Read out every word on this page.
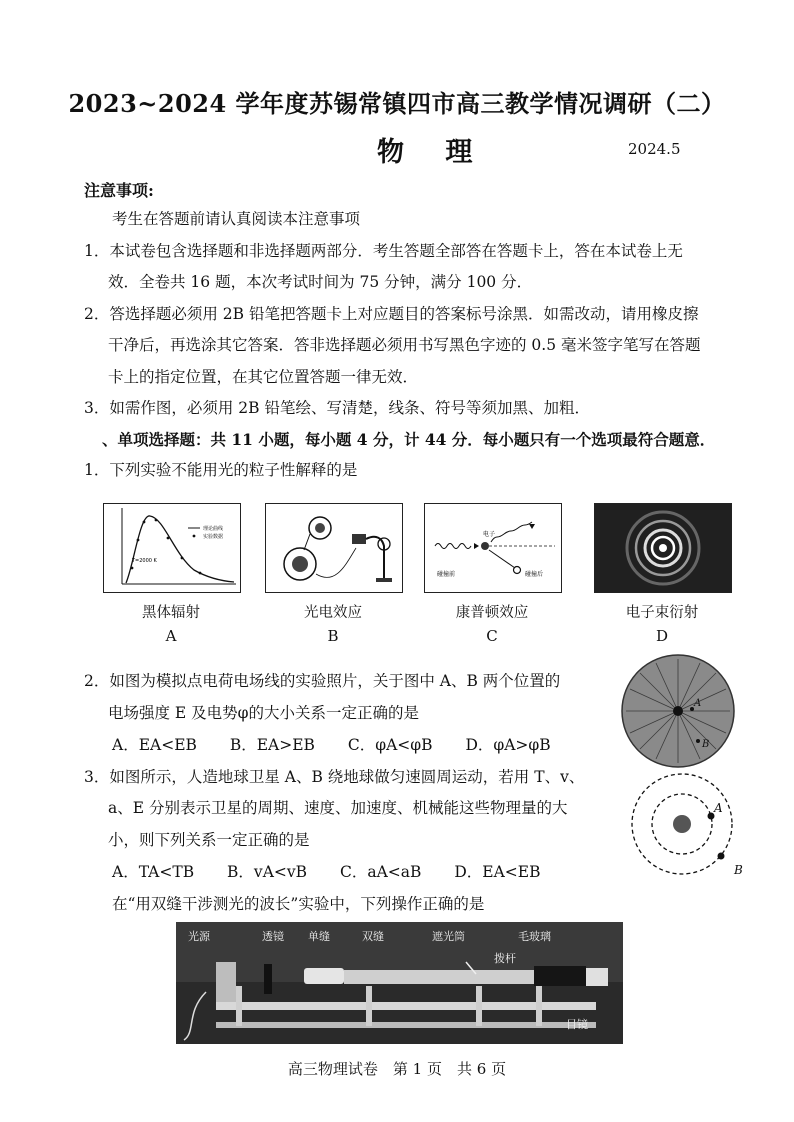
2023~2024 学年度苏锡常镇四市高三教学情况调研（二）
物 理	2024.5
注意事项:
考生在答题前请认真阅读本注意事项
1．本试卷包含选择题和非选择题两部分．考生答题全部答在答题卡上，答在本试卷上无
效．全卷共 16 题，本次考试时间为 75 分钟，满分 100 分．
2．答选择题必须用 2B 铅笔把答题卡上对应题目的答案标号涂黑．如需改动，请用橡皮擦
干净后，再选涂其它答案．答非选择题必须用书写黑色字迹的 0.5 毫米签字笔写在答题
卡上的指定位置，在其它位置答题一律无效．
3．如需作图，必须用 2B 铅笔绘、写清楚，线条、符号等须加黑、加粗．
、单项选择题：共 11 小题，每小题 4 分，计 44 分．每小题只有一个选项最符合题意．
1．下列实验不能用光的粒子性解释的是
理论曲线
实验数据
T=2000 K
电子
碰撞前	碰撞后
黑体辐射	光电效应	康普顿效应	电子束衍射
A	B	C	D
2．如图为模拟点电荷电场线的实验照片，关于图中 A、B 两个位置的
电场强度 E 及电势φ的大小关系一定正确的是
A．EA<EB B．EA>EB C．φA<φB D．φA>φB
A
B
3．如图所示，人造地球卫星 A、B 绕地球做匀速圆周运动，若用 T、v、
a、E 分别表示卫星的周期、速度、加速度、机械能这些物理量的大
小，则下列关系一定正确的是
A．TA<TB B．vA<vB C．aA<aB D．EA<EB
A
B
在“用双缝干涉测光的波长”实验中，下列操作正确的是
光源	透镜 单缝	双缝	遮光筒
拨杆
毛玻璃
目镜
高三物理试卷　第 1 页　共 6 页
